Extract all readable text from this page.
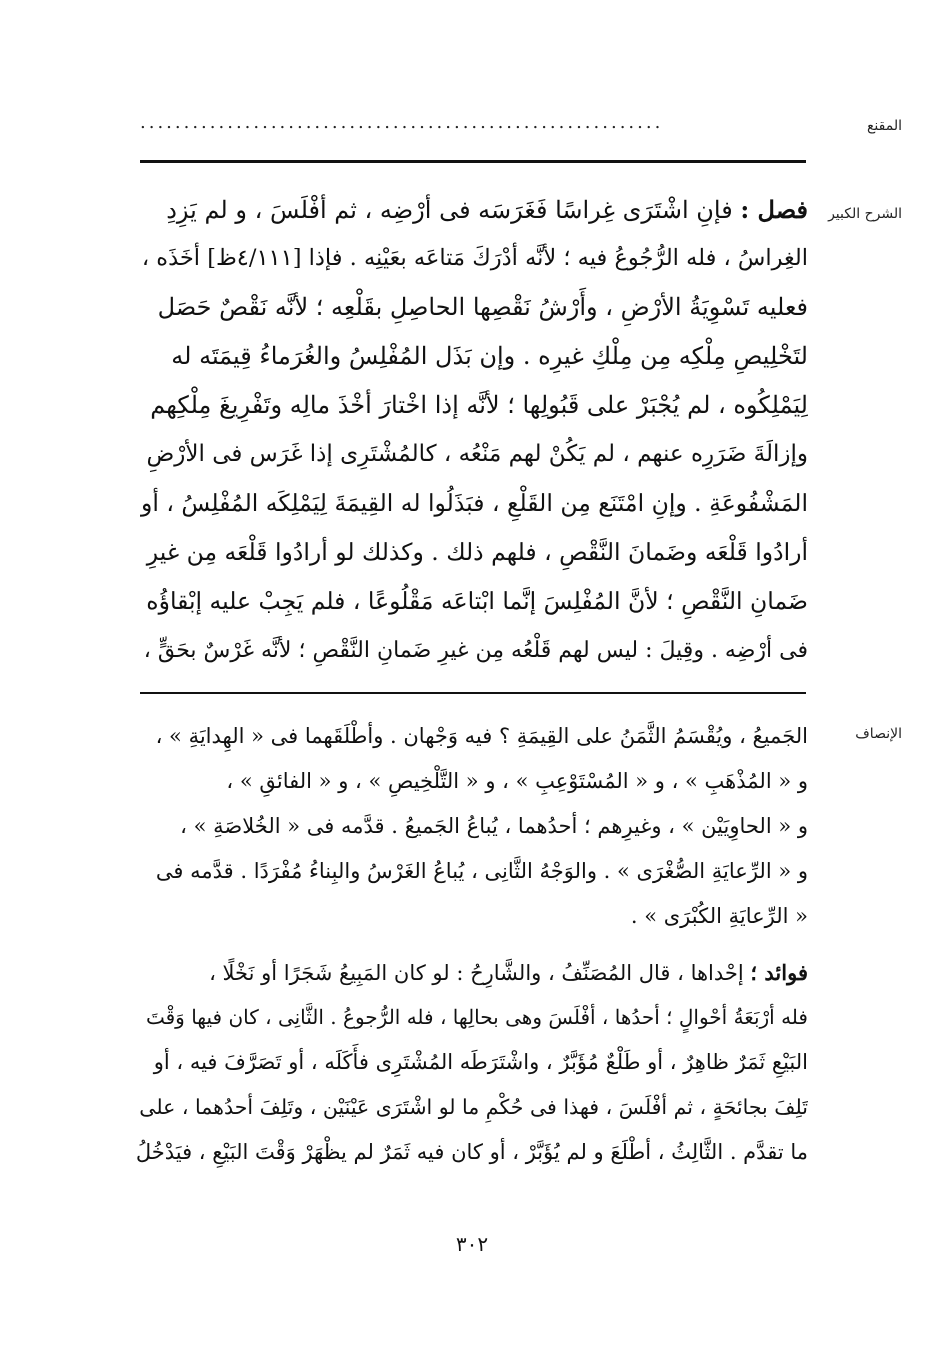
المقنع
............................................................
الشرح الكبير
فصل : فإنِ اشْتَرَى غِراسًا فَغَرَسَه فى أرْضِه ، ثم أفْلَسَ ، و لم يَزِدِ
الغِراسُ ، فله الرُّجُوعُ فيه ؛ لأنَّه أدْرَكَ مَتاعَه بعَيْنِه . فإذا [٤/١١١ظ] أخَذَه ،
فعليه تَسْوِيَةُ الأرْضِ ، وأَرْشُ نَقْصِها الحاصِلِ بقَلْعِه ؛ لأنَّه نَقْصٌ حَصَل
لتَخْلِيصِ مِلْكِه مِن مِلْكِ غيرِه . وإن بَذَل المُفْلِسُ والغُرَماءُ قِيمَتَه له
لِيَمْلِكُوه ، لم يُجْبَرْ على قَبُولِها ؛ لأنَّه إذا اخْتارَ أخْذَ مالِه وتَفْرِيغَ مِلْكِهم
وإزالَةَ ضَرَرِه عنهم ، لم يَكُنْ لهم مَنْعُه ، كالمُشْتَرِى إذا غَرَس فى الأرْضِ
المَشْفُوعَةِ . وإنِ امْتَنَع مِن القَلْعِ ، فبَذَلُوا له القِيمَةَ لِيَمْلِكَه المُفْلِسُ ، أو
أرادُوا قَلْعَه وضَمانَ النَّقْصِ ، فلهم ذلك . وكذلك لو أرادُوا قَلْعَه مِن غيرِ
ضَمانِ النَّقْصِ ؛ لأنَّ المُفْلِسَ إنَّما ابْتاعَه مَقْلُوعًا ، فلم يَجِبْ عليه إبْقاؤُه
فى أرْضِه . وقِيلَ : ليس لهم قَلْعُه مِن غيرِ ضَمانِ النَّقْصِ ؛ لأنَّه غَرْسٌ بحَقٍّ ،
الإنصاف
الجَميعُ ، ويُقْسَمُ الثَّمَنُ على القِيمَةِ ؟ فيه وَجْهان . وأطْلَقَهما فى « الهِدايَةِ » ،
و « المُذْهَبِ » ، و « المُسْتَوْعِبِ » ، و « التَّلْخِيصِ » ، و « الفائقِ » ،
و « الحاوِيَيْن » ، وغيرِهم ؛ أحدُهما ، يُباعُ الجَميعُ . قدَّمه فى « الخُلاصَةِ » ،
و « الرِّعايَةِ الصُّغْرَى » . والوَجْهُ الثَّانِى ، يُباعُ الغَرْسُ والبِناءُ مُفْرَدًا . قدَّمه فى
« الرِّعايَةِ الكُبْرَى » .
فوائد ؛ إحْداها ، قال المُصَنِّفُ ، والشَّارِحُ : لو كان المَبِيعُ شَجَرًا أو نَخْلًا ،
فله أرْبَعَةُ أحْوالٍ ؛ أحدُها ، أفْلَسَ وهى بحالِها ، فله الرُّجوعُ . الثَّانِى ، كان فيها وَقْتَ
البَيْعِ ثَمَرٌ ظاهِرٌ ، أو طَلْعٌ مُؤَبَّرٌ ، واشْتَرَطَه المُشْتَرِى فأَكَلَه ، أو تَصَرَّفَ فيه ، أو
تَلِفَ بجائحَةٍ ، ثم أفْلَسَ ، فهذا فى حُكْمِ ما لو اشْتَرَى عَيْنَيْن ، وتَلِفَ أحدُهما ، على
ما تقدَّم . الثَّالِثُ ، أطْلَعَ و لم يُؤَبَّرْ ، أو كان فيه ثَمَرٌ لم يظْهَرْ وَقْتَ البَيْعِ ، فيَدْخُلُ
٣٠٢
